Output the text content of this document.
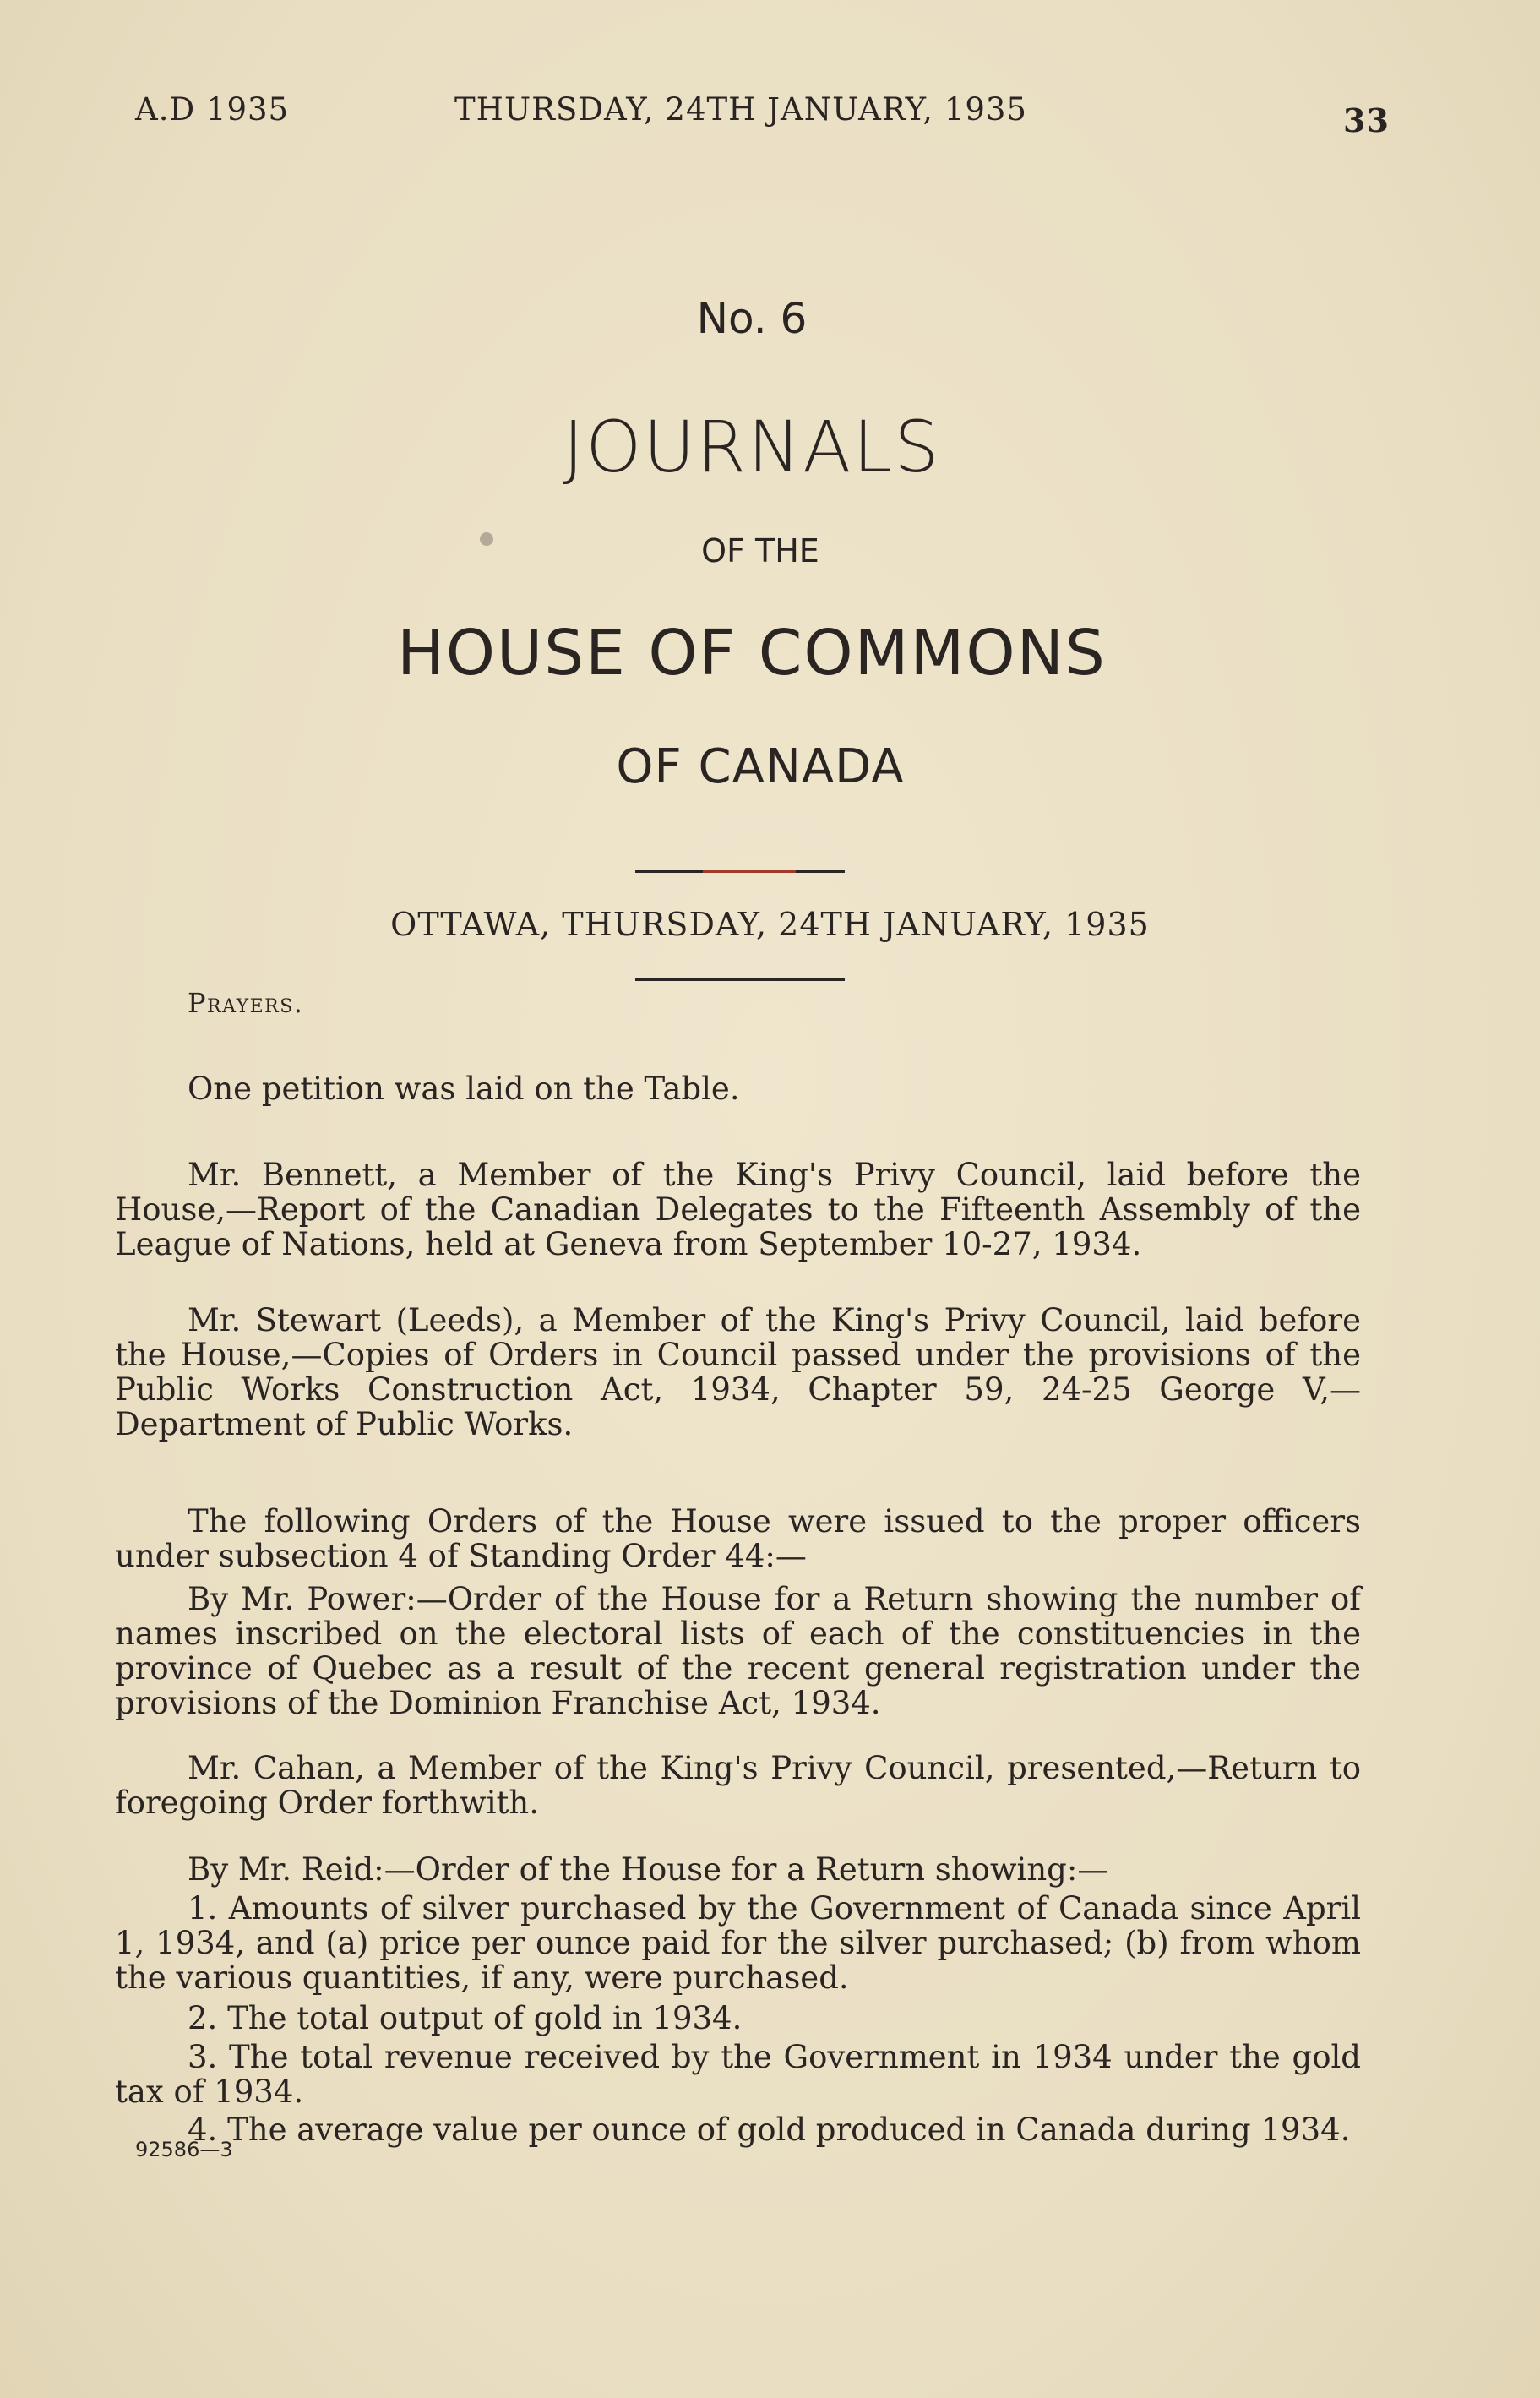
A.D 1935	THURSDAY, 24TH JANUARY, 1935	33
No. 6
JOURNALS
OF THE
HOUSE OF COMMONS
OF CANADA
OTTAWA, THURSDAY, 24TH JANUARY, 1935
Prayers.

One petition was laid on the Table.

Mr. Bennett, a Member of the King's Privy Council, laid before the House,—Report of the Canadian Delegates to the Fifteenth Assembly of the League of Nations, held at Geneva from September 10-27, 1934.

Mr. Stewart (Leeds), a Member of the King's Privy Council, laid before the House,—Copies of Orders in Council passed under the provisions of the Public Works Construction Act, 1934, Chapter 59, 24-25 George V,—Department of Public Works.

The following Orders of the House were issued to the proper officers under subsection 4 of Standing Order 44:—

By Mr. Power:—Order of the House for a Return showing the number of names inscribed on the electoral lists of each of the constituencies in the province of Quebec as a result of the recent general registration under the provisions of the Dominion Franchise Act, 1934.

Mr. Cahan, a Member of the King's Privy Council, presented,—Return to foregoing Order forthwith.

By Mr. Reid:—Order of the House for a Return showing:—

1. Amounts of silver purchased by the Government of Canada since April 1, 1934, and (a) price per ounce paid for the silver purchased; (b) from whom the various quantities, if any, were purchased.

2. The total output of gold in 1934.

3. The total revenue received by the Government in 1934 under the gold tax of 1934.

4. The average value per ounce of gold produced in Canada during 1934.

92586—3
